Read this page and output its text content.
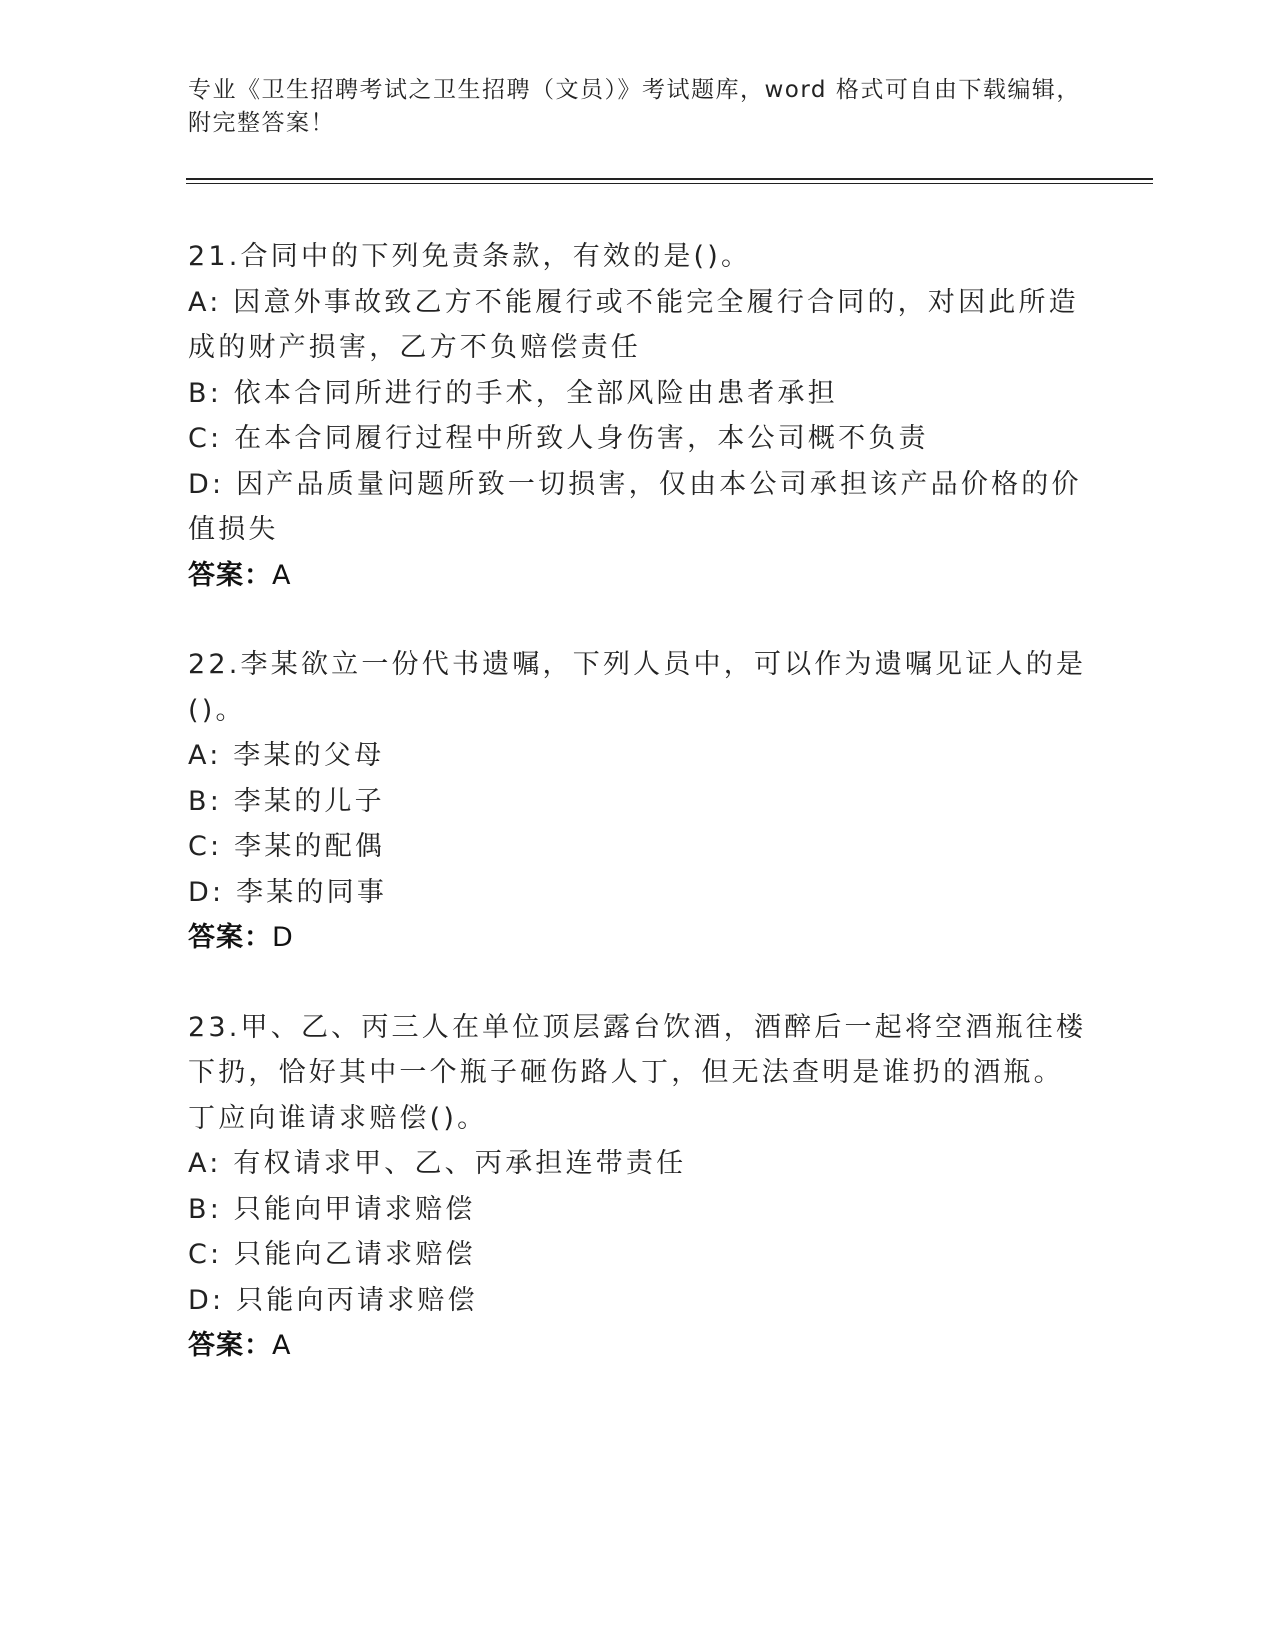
专业《卫生招聘考试之卫生招聘（文员）》考试题库，word 格式可自由下载编辑，附完整答案！

21.合同中的下列免责条款，有效的是()。

A: 因意外事故致乙方不能履行或不能完全履行合同的，对因此所造成的财产损害，乙方不负赔偿责任

B: 依本合同所进行的手术，全部风险由患者承担

C: 在本合同履行过程中所致人身伤害，本公司概不负责

D: 因产品质量问题所致一切损害，仅由本公司承担该产品价格的价值损失

答案：A

22.李某欲立一份代书遗嘱，下列人员中，可以作为遗嘱见证人的是()。

A: 李某的父母

B: 李某的儿子

C: 李某的配偶

D: 李某的同事

答案：D

23.甲、乙、丙三人在单位顶层露台饮酒，酒醉后一起将空酒瓶往楼下扔，恰好其中一个瓶子砸伤路人丁，但无法查明是谁扔的酒瓶。丁应向谁请求赔偿()。

A: 有权请求甲、乙、丙承担连带责任

B: 只能向甲请求赔偿

C: 只能向乙请求赔偿

D: 只能向丙请求赔偿

答案：A
